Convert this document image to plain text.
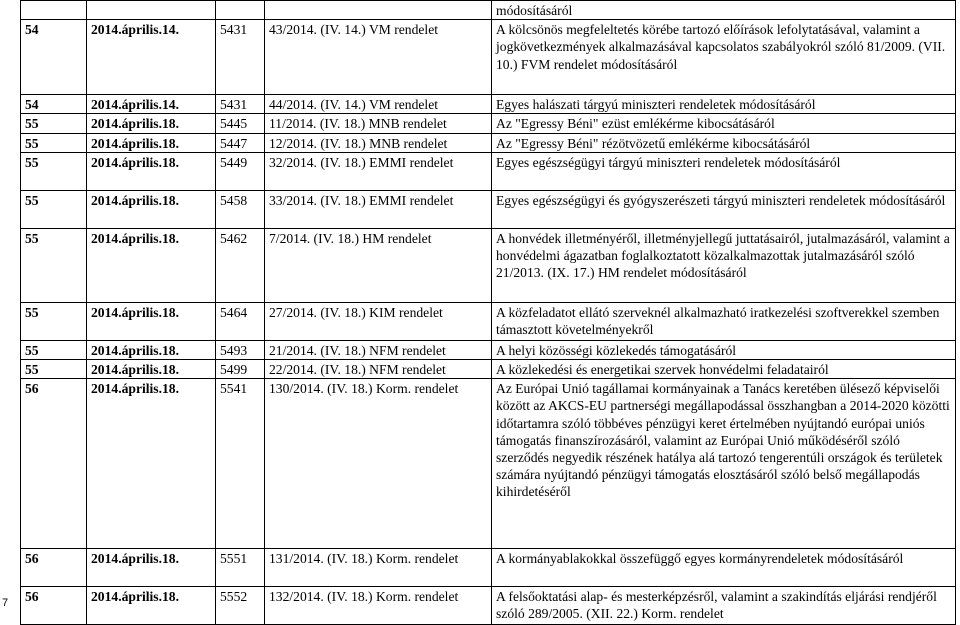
				módosításáról
54	2014.április.14.	5431	43/2014. (IV. 14.) VM rendelet	A kölcsönös megfeleltetés körébe tartozó előírások lefolytatásával, valamint a jogkövetkezmények alkalmazásával kapcsolatos szabályokról szóló 81/2009. (VII. 10.) FVM rendelet módosításáról
54	2014.április.14.	5431	44/2014. (IV. 14.) VM rendelet	Egyes halászati tárgyú miniszteri rendeletek módosításáról
55	2014.április.18.	5445	11/2014. (IV. 18.) MNB rendelet	Az "Egressy Béni" ezüst emlékérme kibocsátásáról
55	2014.április.18.	5447	12/2014. (IV. 18.) MNB rendelet	Az "Egressy Béni" rézötvözetű emlékérme kibocsátásáról
55	2014.április.18.	5449	32/2014. (IV. 18.) EMMI rendelet	Egyes egészségügyi tárgyú miniszteri rendeletek módosításáról
55	2014.április.18.	5458	33/2014. (IV. 18.) EMMI rendelet	Egyes egészségügyi és gyógyszerészeti tárgyú miniszteri rendeletek módosításáról
55	2014.április.18.	5462	7/2014. (IV. 18.) HM rendelet	A honvédek illetményéről, illetményjellegű juttatásairól, jutalmazásáról, valamint a honvédelmi ágazatban foglalkoztatott közalkalmazottak jutalmazásáról szóló 21/2013. (IX. 17.) HM rendelet módosításáról
55	2014.április.18.	5464	27/2014. (IV. 18.) KIM rendelet	A közfeladatot ellátó szerveknél alkalmazható iratkezelési szoftverekkel szemben támasztott követelményekről
55	2014.április.18.	5493	21/2014. (IV. 18.) NFM rendelet	A helyi közösségi közlekedés támogatásáról
55	2014.április.18.	5499	22/2014. (IV. 18.) NFM rendelet	A közlekedési és energetikai szervek honvédelmi feladatairól
56	2014.április.18.	5541	130/2014. (IV. 18.) Korm. rendelet	Az Európai Unió tagállamai kormányainak a Tanács keretében ülésező képviselői között az AKCS-EU partnerségi megállapodással összhangban a 2014-2020 közötti időtartamra szóló többéves pénzügyi keret értelmében nyújtandó európai uniós támogatás finanszírozásáról, valamint az Európai Unió működéséről szóló szerződés negyedik részének hatálya alá tartozó tengerentúli országok és területek számára nyújtandó pénzügyi támogatás elosztásáról szóló belső megállapodás kihirdetéséről
56	2014.április.18.	5551	131/2014. (IV. 18.) Korm. rendelet	A kormányablakokkal összefüggő egyes kormányrendeletek módosításáról
56	2014.április.18.	5552	132/2014. (IV. 18.) Korm. rendelet	A felsőoktatási alap- és mesterképzésről, valamint a szakindítás eljárási rendjéről szóló 289/2005. (XII. 22.) Korm. rendelet
7
